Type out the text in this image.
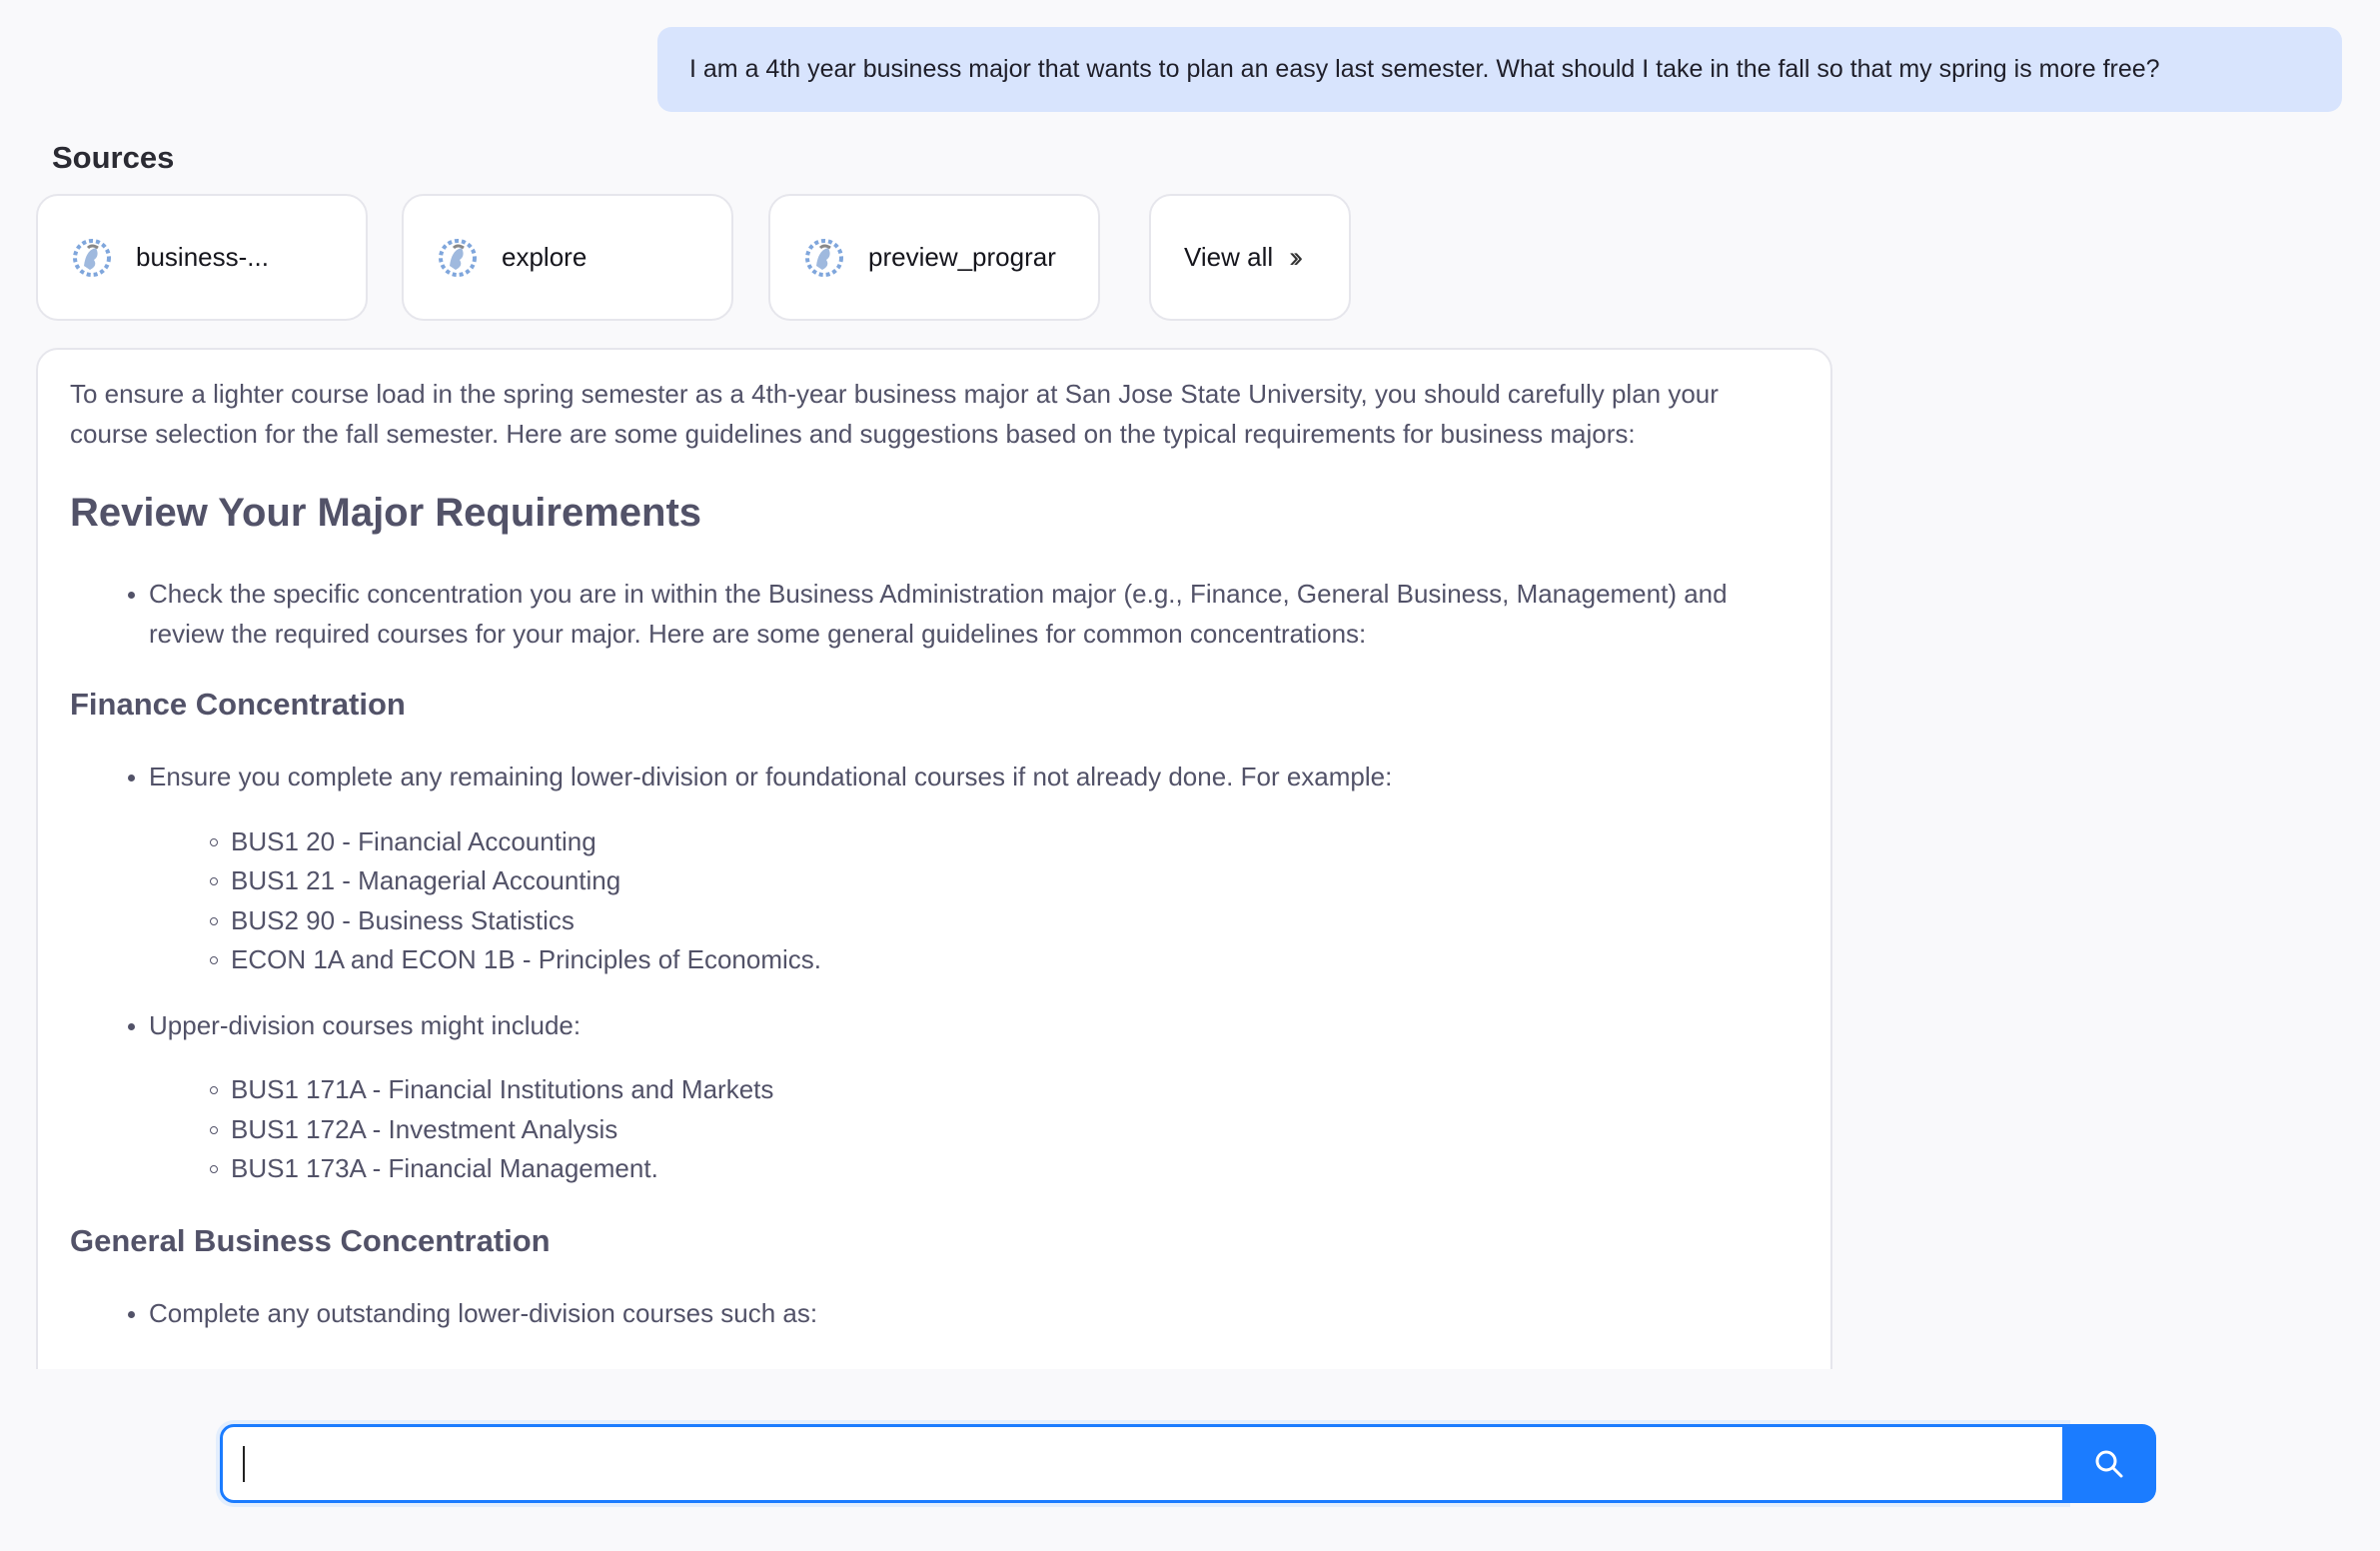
I am a 4th year business major that wants to plan an easy last semester. What should I take in the fall so that my spring is more free?
Sources
business-...	explore	preview_prograr	View all ››

To ensure a lighter course load in the spring semester as a 4th-year business major at San Jose State University, you should carefully plan your course selection for the fall semester. Here are some guidelines and suggestions based on the typical requirements for business majors:

Review Your Major Requirements
Check the specific concentration you are in within the Business Administration major (e.g., Finance, General Business, Management) and review the required courses for your major. Here are some general guidelines for common concentrations:
Finance Concentration
Ensure you complete any remaining lower-division or foundational courses if not already done. For example:
BUS1 20 - Financial Accounting
BUS1 21 - Managerial Accounting
BUS2 90 - Business Statistics
ECON 1A and ECON 1B - Principles of Economics.
Upper-division courses might include:
BUS1 171A - Financial Institutions and Markets
BUS1 172A - Investment Analysis
BUS1 173A - Financial Management.
General Business Concentration
Complete any outstanding lower-division courses such as:
